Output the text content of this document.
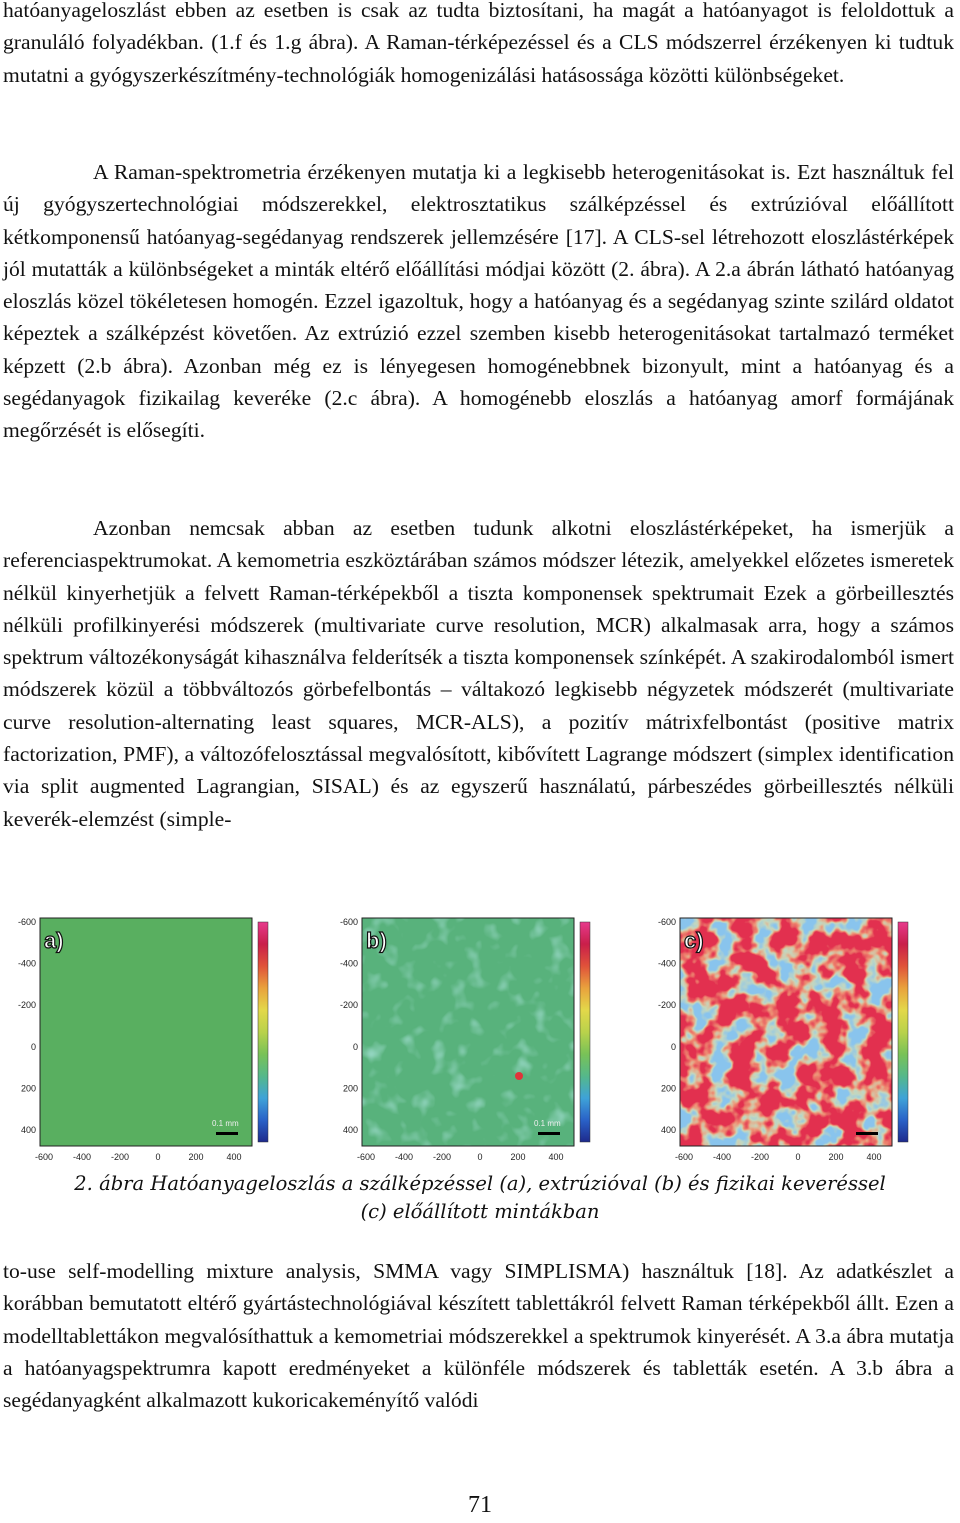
hatóanyageloszlást ebben az esetben is csak az tudta biztosítani, ha magát a hatóanyagot is feloldottuk a granuláló folyadékban. (1.f és 1.g ábra). A Raman-térképezéssel és a CLS módszerrel érzékenyen ki tudtuk mutatni a gyógyszerkészítmény-technológiák homogenizálási hatásossága közötti különbségeket.

A Raman-spektrometria érzékenyen mutatja ki a legkisebb heterogenitásokat is. Ezt használtuk fel új gyógyszertechnológiai módszerekkel, elektrosztatikus szálképzéssel és extrúzióval előállított kétkomponensű hatóanyag-segédanyag rendszerek jellemzésére [17]. A CLS-sel létrehozott eloszlástérképek jól mutatták a különbségeket a minták eltérő előállítási módjai között (2. ábra). A 2.a ábrán látható hatóanyag eloszlás közel tökéletesen homogén. Ezzel igazoltuk, hogy a hatóanyag és a segédanyag szinte szilárd oldatot képeztek a szálképzést követően. Az extrúzió ezzel szemben kisebb heterogenitásokat tartalmazó terméket képzett (2.b ábra). Azonban még ez is lényegesen homogénebbnek bizonyult, mint a hatóanyag és a segédanyagok fizikailag keveréke (2.c ábra). A homogénebb eloszlás a hatóanyag amorf formájának megőrzését is elősegíti.

a)
0.1 mm
-600
-400
-200
0
200
400
-600 -400 -200	0	200	400
b)
0.1 mm
-600
-400
-200
0
200
400
-600 -400 -200	0	200	400
c)
-600
-400
-200
0
200
400
-600 -400 -200	0	200	400
2. ábra Hatóanyageloszlás a szálképzéssel (a), extrúzióval (b) és fizikai keveréssel
(c) előállított mintákban

to-use self-modelling mixture analysis, SMMA vagy SIMPLISMA) használtuk [18]. Az adatkészlet a korábban bemutatott eltérő gyártástechnológiával készített tablettákról felvett Raman térképekből állt. Ezen a modelltablettákon megvalósíthattuk a kemometriai módszerekkel a spektrumok kinyerését. A 3.a ábra mutatja a hatóanyagspektrumra kapott eredményeket a különféle módszerek és tabletták esetén. A 3.b ábra a segédanyagként alkalmazott kukoricakeményítő valódi

Azonban nemcsak abban az esetben tudunk alkotni eloszlástérképeket, ha ismerjük a referenciaspektrumokat. A kemometria eszköztárában számos módszer létezik, amelyekkel előzetes ismeretek nélkül kinyerhetjük a felvett Raman-térképekből a tiszta komponensek spektrumait Ezek a görbeillesztés nélküli profilkinyerési módszerek (multivariate curve resolution, MCR) alkalmasak arra, hogy a számos spektrum változékonyságát kihasználva felderítsék a tiszta komponensek színképét. A szakirodalomból ismert módszerek közül a többváltozós görbefelbontás – váltakozó legkisebb négyzetek módszerét (multivariate curve resolution-alternating least squares, MCR-ALS), a pozitív mátrixfelbontást (positive matrix factorization, PMF), a változófelosztással megvalósított, kibővített Lagrange módszert (simplex identification via split augmented Lagrangian, SISAL) és az egyszerű használatú, párbeszédes görbeillesztés nélküli keverék-elemzést (simple-

71
